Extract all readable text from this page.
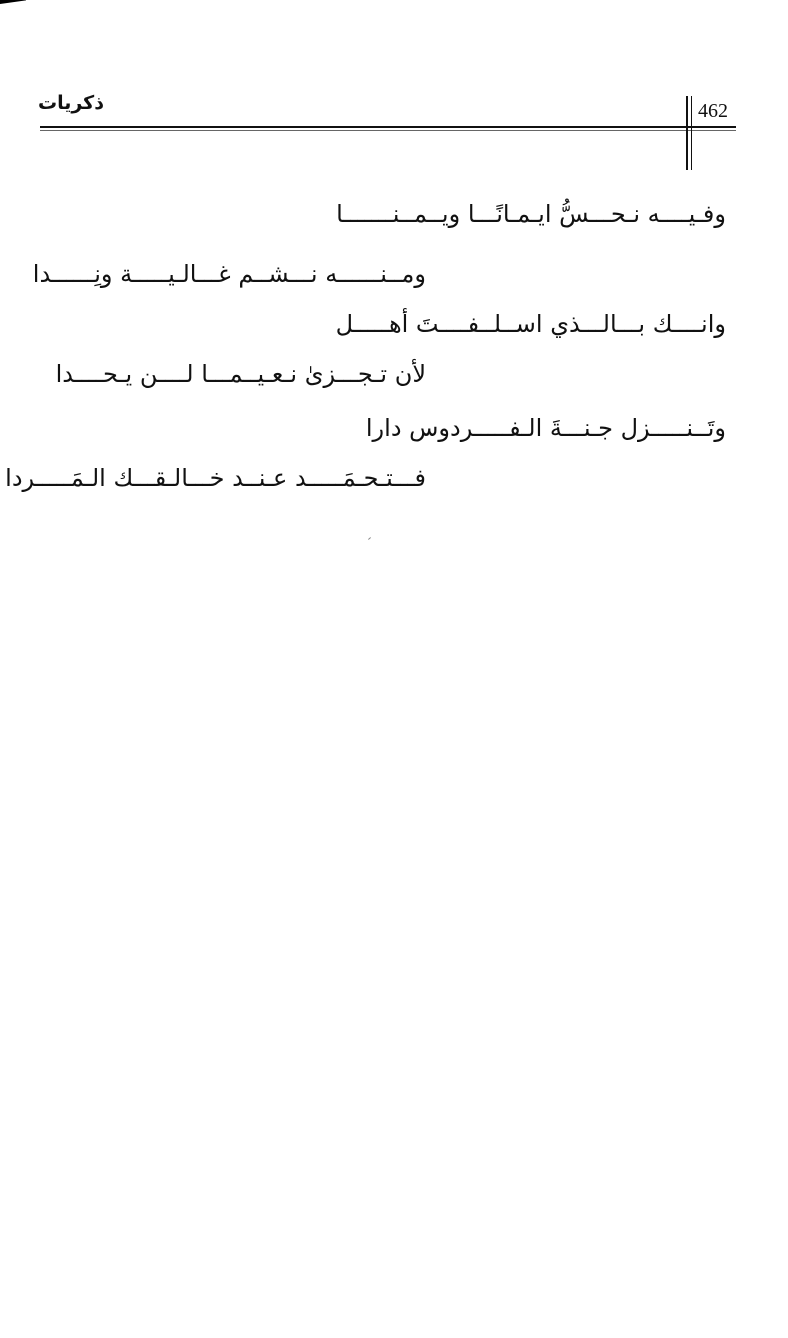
ذكريات	462
وفـيــــه نـحـــسُّ ايـمـانًـــا ويــمــنـــــــا
ومــنــــــه نـــشــم غـــالـيـــــة ونِــــــدا
وانــــك بـــالـــذي اســلــفــــتَ أهـــــل
لأن تـجـــزىٰ نـعـيــمـــا لــــن يـحــــدا
وتَــنـــــزل جـنـــةَ الـفـــــردوس دارا
فـــتـحـمَـــــد عـنــد خـــالـقـــك الـمَـــــردا
